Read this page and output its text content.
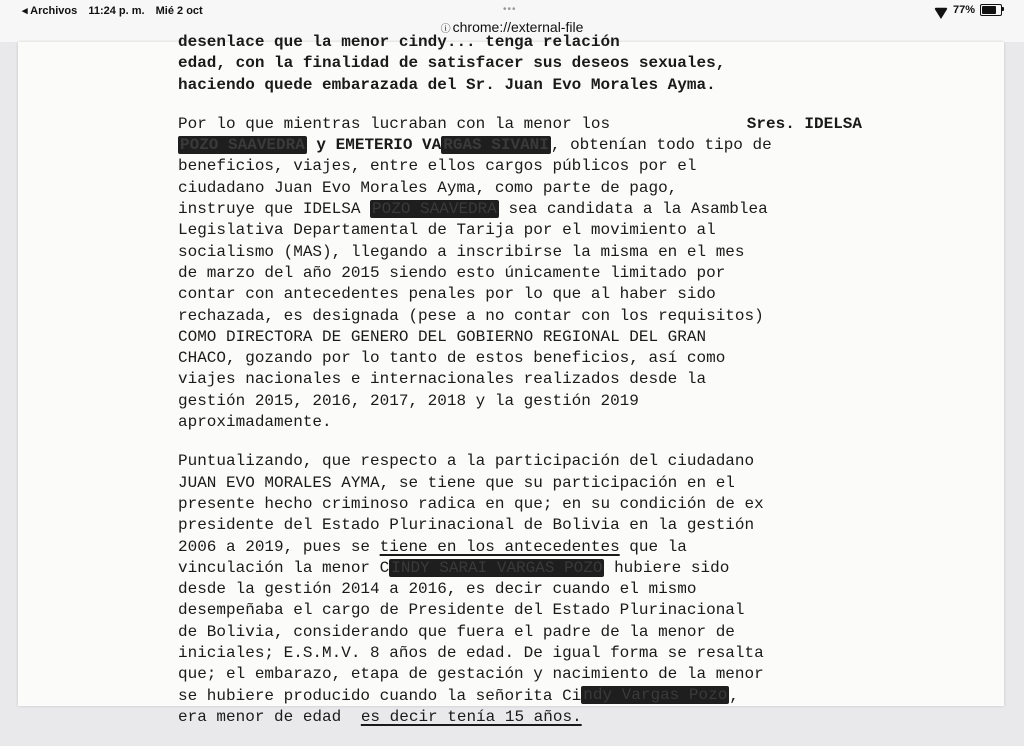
◂ Archivos 11:24 p. m. Mié 2 oct	•••
ⓘ chrome://external-file
77%

desenlace que la menor cindy... tenga relación
edad, con la finalidad de satisfacer sus deseos sexuales,
haciendo quede embarazada del Sr. Juan Evo Morales Ayma.

Por lo que mientras lucraban con la menor los	Sres. IDELSA
POZO SAAVEDRA y EMETERIO VA RGAS SIVANI , obtenían todo tipo de
beneficios, viajes, entre ellos cargos públicos por el
ciudadano Juan Evo Morales Ayma, como parte de pago,
instruye que IDELSA POZO SAAVEDRA sea candidata a la Asamblea
Legislativa Departamental de Tarija por el movimiento al
socialismo (MAS), llegando a inscribirse la misma en el mes
de marzo del año 2015 siendo esto únicamente limitado por
contar con antecedentes penales por lo que al haber sido
rechazada, es designada (pese a no contar con los requisitos)
COMO DIRECTORA DE GENERO DEL GOBIERNO REGIONAL DEL GRAN
CHACO, gozando por lo tanto de estos beneficios, así como
viajes nacionales e internacionales realizados desde la
gestión 2015, 2016, 2017, 2018 y la gestión 2019
aproximadamente.

Puntualizando, que respecto a la participación del ciudadano
JUAN EVO MORALES AYMA, se tiene que su participación en el
presente hecho criminoso radica en que; en su condición de ex
presidente del Estado Plurinacional de Bolivia en la gestión
2006 a 2019, pues se tiene en los antecedentes que la
vinculación la menor C INDY SARAI VARGAS POZO hubiere sido
desde la gestión 2014 a 2016, es decir cuando el mismo
desempeñaba el cargo de Presidente del Estado Plurinacional
de Bolivia, considerando que fuera el padre de la menor de
iniciales; E.S.M.V. 8 años de edad. De igual forma se resalta
que; el embarazo, etapa de gestación y nacimiento de la menor
se hubiere producido cuando la señorita Ci ndy Vargas Pozo ,
era menor de edad es decir tenía 15 años.
